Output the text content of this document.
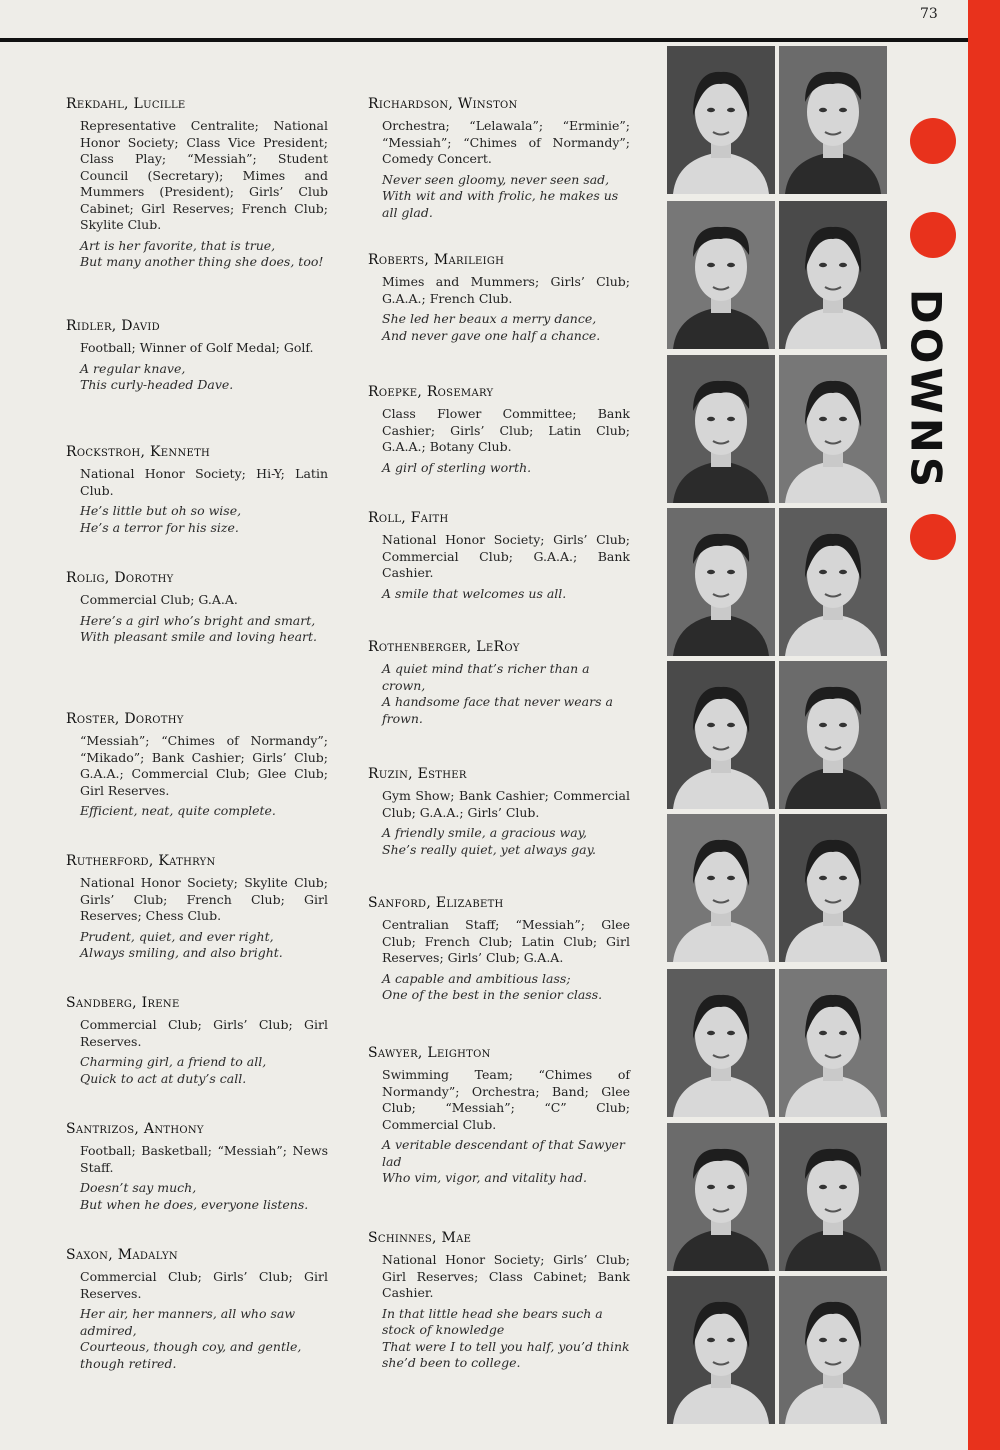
73
Rekdahl, Lucille
Representative Centralite; National Honor Society; Class Vice President; Class Play; “Messiah”; Student Council (Secretary); Mimes and Mummers (President); Girls’ Club Cabinet; Girl Reserves; French Club; Skylite Club.
Art is her favorite, that is true,
But many another thing she does, too!
Ridler, David
Football; Winner of Golf Medal; Golf.
A regular knave,
This curly-headed Dave.
Rockstroh, Kenneth
National Honor Society; Hi-Y; Latin Club.
He’s little but oh so wise,
He’s a terror for his size.
Rolig, Dorothy
Commercial Club; G.A.A.
Here’s a girl who’s bright and smart,
With pleasant smile and loving heart.
Roster, Dorothy
“Messiah”; “Chimes of Normandy”; “Mikado”; Bank Cashier; Girls’ Club; G.A.A.; Commercial Club; Glee Club; Girl Reserves.
Efficient, neat, quite complete.
Rutherford, Kathryn
National Honor Society; Skylite Club; Girls’ Club; French Club; Girl Reserves; Chess Club.
Prudent, quiet, and ever right,
Always smiling, and also bright.
Sandberg, Irene
Commercial Club; Girls’ Club; Girl Reserves.
Charming girl, a friend to all,
Quick to act at duty’s call.
Santrizos, Anthony
Football; Basketball; “Messiah”; News Staff.
Doesn’t say much,
But when he does, everyone listens.
Saxon, Madalyn
Commercial Club; Girls’ Club; Girl Reserves.
Her air, her manners, all who saw admired,
Courteous, though coy, and gentle, though retired.
Richardson, Winston
Orchestra; “Lelawala”; “Erminie”; “Messiah”; “Chimes of Normandy”; Comedy Concert.
Never seen gloomy, never seen sad,
With wit and with frolic, he makes us all glad.
Roberts, Marileigh
Mimes and Mummers; Girls’ Club; G.A.A.; French Club.
She led her beaux a merry dance,
And never gave one half a chance.
Roepke, Rosemary
Class Flower Committee; Bank Cashier; Girls’ Club; Latin Club; G.A.A.; Botany Club.
A girl of sterling worth.
Roll, Faith
National Honor Society; Girls’ Club; Commercial Club; G.A.A.; Bank Cashier.
A smile that welcomes us all.
Rothenberger, LeRoy
A quiet mind that’s richer than a crown,
A handsome face that never wears a frown.
Ruzin, Esther
Gym Show; Bank Cashier; Commercial Club; G.A.A.; Girls’ Club.
A friendly smile, a gracious way,
She’s really quiet, yet always gay.
Sanford, Elizabeth
Centralian Staff; “Messiah”; Glee Club; French Club; Latin Club; Girl Reserves; Girls’ Club; G.A.A.
A capable and ambitious lass;
One of the best in the senior class.
Sawyer, Leighton
Swimming Team; “Chimes of Normandy”; Orchestra; Band; Glee Club; “Messiah”; “C” Club; Commercial Club.
A veritable descendant of that Sawyer lad
Who vim, vigor, and vitality had.
Schinnes, Mae
National Honor Society; Girls’ Club; Girl Reserves; Class Cabinet; Bank Cashier.
In that little head she bears such a stock of knowledge
That were I to tell you half, you’d think she’d been to college.
DOWNS
